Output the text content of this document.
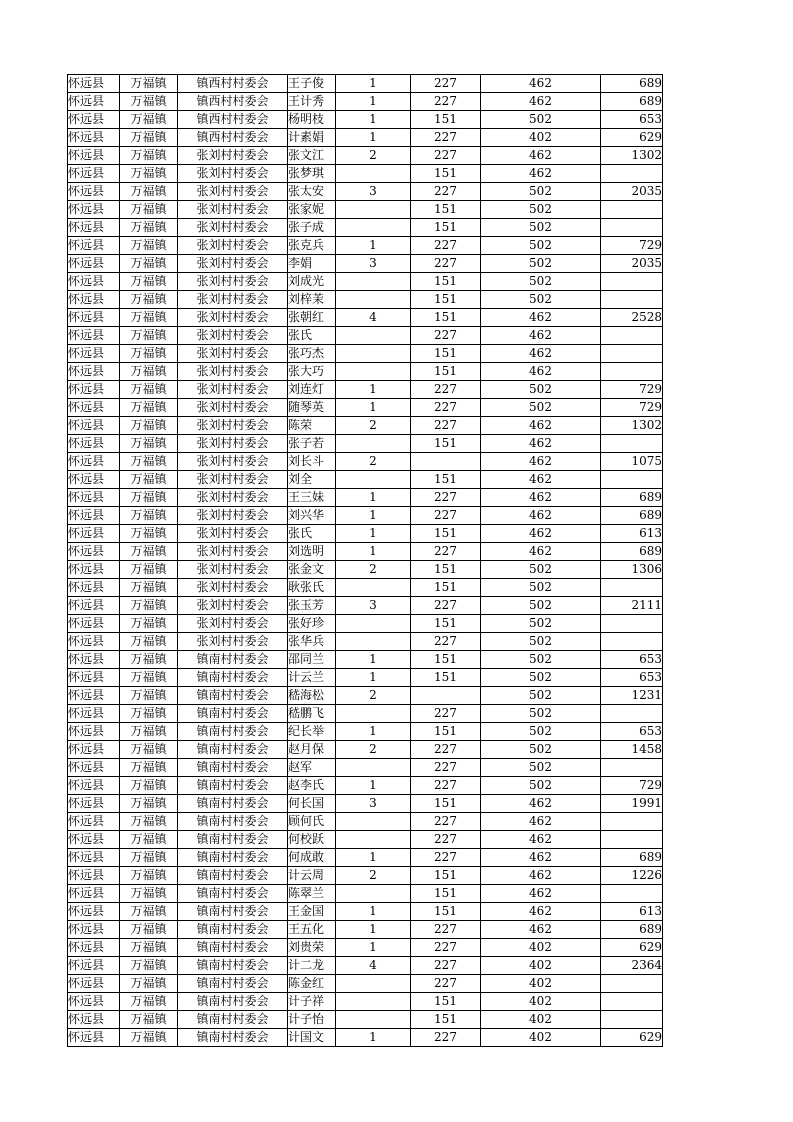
怀远县	万福镇	镇西村村委会	王子俊	1	227	462	689
怀远县	万福镇	镇西村村委会	王计秀	1	227	462	689
怀远县	万福镇	镇西村村委会	杨明枝	1	151	502	653
怀远县	万福镇	镇西村村委会	计素娟	1	227	402	629
怀远县	万福镇	张刘村村委会	张文江	2	227	462	1302
怀远县	万福镇	张刘村村委会	张梦琪		151	462	
怀远县	万福镇	张刘村村委会	张太安	3	227	502	2035
怀远县	万福镇	张刘村村委会	张家妮		151	502	
怀远县	万福镇	张刘村村委会	张子成		151	502	
怀远县	万福镇	张刘村村委会	张克兵	1	227	502	729
怀远县	万福镇	张刘村村委会	李娟	3	227	502	2035
怀远县	万福镇	张刘村村委会	刘成光		151	502	
怀远县	万福镇	张刘村村委会	刘梓茉		151	502	
怀远县	万福镇	张刘村村委会	张朝红	4	151	462	2528
怀远县	万福镇	张刘村村委会	张氏		227	462	
怀远县	万福镇	张刘村村委会	张巧杰		151	462	
怀远县	万福镇	张刘村村委会	张大巧		151	462	
怀远县	万福镇	张刘村村委会	刘连灯	1	227	502	729
怀远县	万福镇	张刘村村委会	随琴英	1	227	502	729
怀远县	万福镇	张刘村村委会	陈荣	2	227	462	1302
怀远县	万福镇	张刘村村委会	张子若		151	462	
怀远县	万福镇	张刘村村委会	刘长斗	2		462	1075
怀远县	万福镇	张刘村村委会	刘全		151	462	
怀远县	万福镇	张刘村村委会	王三妹	1	227	462	689
怀远县	万福镇	张刘村村委会	刘兴华	1	227	462	689
怀远县	万福镇	张刘村村委会	张氏	1	151	462	613
怀远县	万福镇	张刘村村委会	刘选明	1	227	462	689
怀远县	万福镇	张刘村村委会	张金文	2	151	502	1306
怀远县	万福镇	张刘村村委会	耿张氏		151	502	
怀远县	万福镇	张刘村村委会	张玉芳	3	227	502	2111
怀远县	万福镇	张刘村村委会	张好珍		151	502	
怀远县	万福镇	张刘村村委会	张华兵		227	502	
怀远县	万福镇	镇南村村委会	邵同兰	1	151	502	653
怀远县	万福镇	镇南村村委会	计云兰	1	151	502	653
怀远县	万福镇	镇南村村委会	嵇海松	2		502	1231
怀远县	万福镇	镇南村村委会	嵇鹏飞		227	502	
怀远县	万福镇	镇南村村委会	纪长举	1	151	502	653
怀远县	万福镇	镇南村村委会	赵月保	2	227	502	1458
怀远县	万福镇	镇南村村委会	赵军		227	502	
怀远县	万福镇	镇南村村委会	赵李氏	1	227	502	729
怀远县	万福镇	镇南村村委会	何长国	3	151	462	1991
怀远县	万福镇	镇南村村委会	顾何氏		227	462	
怀远县	万福镇	镇南村村委会	何校跃		227	462	
怀远县	万福镇	镇南村村委会	何成敢	1	227	462	689
怀远县	万福镇	镇南村村委会	计云周	2	151	462	1226
怀远县	万福镇	镇南村村委会	陈翠兰		151	462	
怀远县	万福镇	镇南村村委会	王金国	1	151	462	613
怀远县	万福镇	镇南村村委会	王五化	1	227	462	689
怀远县	万福镇	镇南村村委会	刘贵荣	1	227	402	629
怀远县	万福镇	镇南村村委会	计二龙	4	227	402	2364
怀远县	万福镇	镇南村村委会	陈金红		227	402	
怀远县	万福镇	镇南村村委会	计子祥		151	402	
怀远县	万福镇	镇南村村委会	计子怡		151	402	
怀远县	万福镇	镇南村村委会	计国文	1	227	402	629
